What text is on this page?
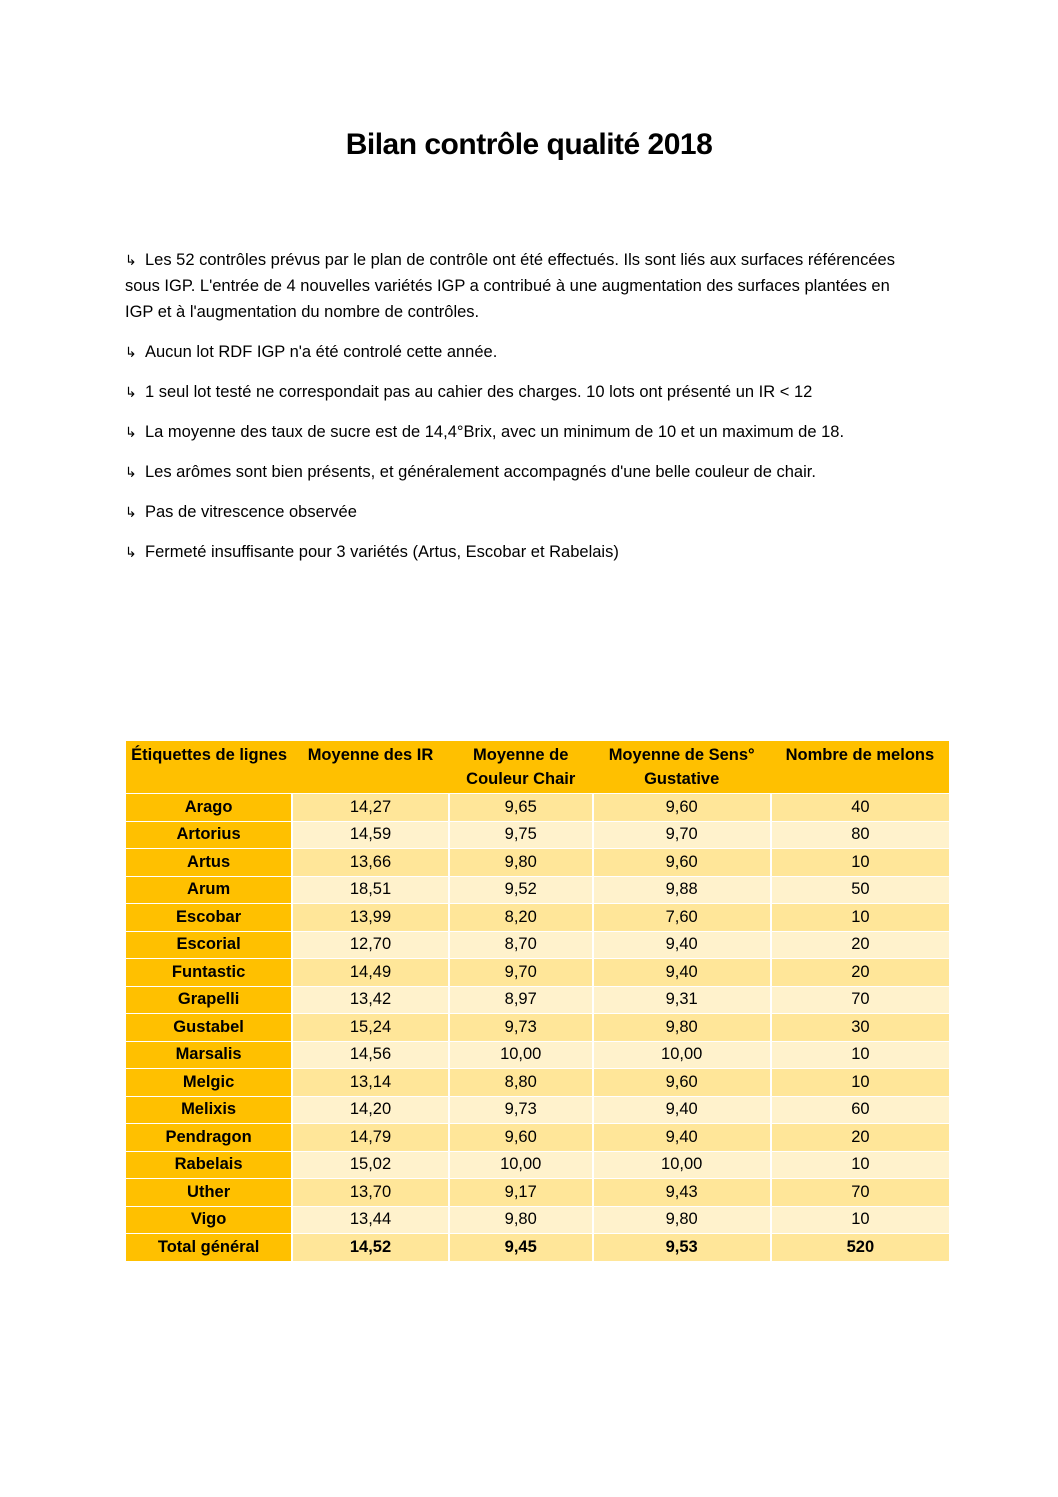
Bilan contrôle qualité 2018
↳ Les 52 contrôles prévus par le plan de contrôle ont été effectués. Ils sont liés aux surfaces référencées sous IGP. L'entrée de 4 nouvelles variétés IGP a contribué à une augmentation des surfaces plantées en IGP et à l'augmentation du nombre de contrôles.
↳ Aucun lot RDF IGP n'a été controlé cette année.
↳ 1 seul lot testé ne correspondait pas au cahier des charges. 10 lots ont présenté un IR < 12
↳ La moyenne des taux de sucre est de 14,4°Brix, avec un minimum de 10 et un maximum de 18.
↳ Les arômes sont bien présents, et généralement accompagnés d'une belle couleur de chair.
↳ Pas de vitrescence observée
↳ Fermeté insuffisante pour 3 variétés (Artus, Escobar et Rabelais)
Étiquettes de lignes	Moyenne des IR	Moyenne de Couleur Chair	Moyenne de Sens° Gustative	Nombre de melons
Arago	14,27	9,65	9,60	40
Artorius	14,59	9,75	9,70	80
Artus	13,66	9,80	9,60	10
Arum	18,51	9,52	9,88	50
Escobar	13,99	8,20	7,60	10
Escorial	12,70	8,70	9,40	20
Funtastic	14,49	9,70	9,40	20
Grapelli	13,42	8,97	9,31	70
Gustabel	15,24	9,73	9,80	30
Marsalis	14,56	10,00	10,00	10
Melgic	13,14	8,80	9,60	10
Melixis	14,20	9,73	9,40	60
Pendragon	14,79	9,60	9,40	20
Rabelais	15,02	10,00	10,00	10
Uther	13,70	9,17	9,43	70
Vigo	13,44	9,80	9,80	10
Total général	14,52	9,45	9,53	520
